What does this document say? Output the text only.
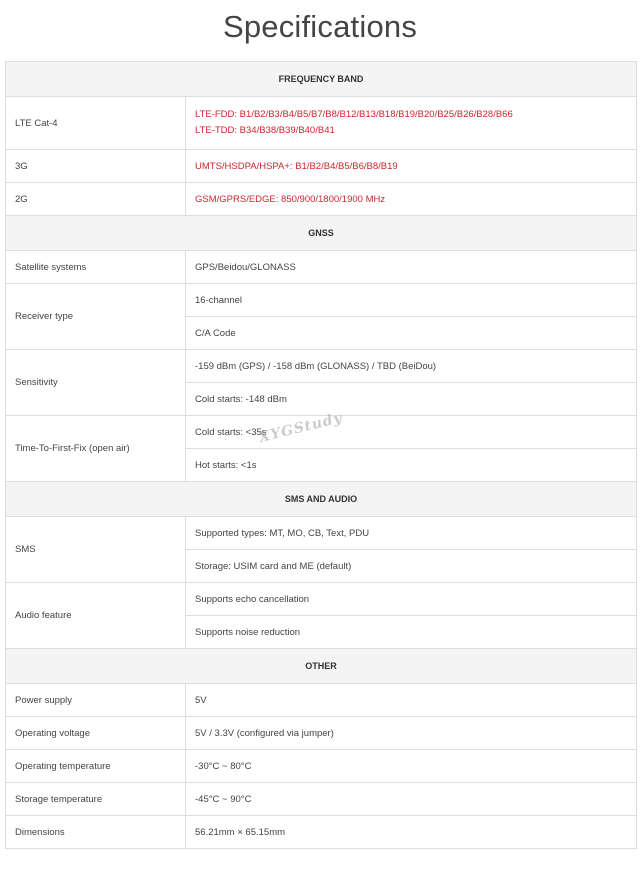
Specifications
FREQUENCY BAND	
LTE Cat-4	LTE-FDD: B1/B2/B3/B4/B5/B7/B8/B12/B13/B18/B19/B20/B25/B26/B28/B66
LTE-TDD: B34/B38/B39/B40/B41

3G	UMTS/HSDPA/HSPA+: B1/B2/B4/B5/B6/B8/B19
2G	GSM/GPRS/EDGE: 850/900/1800/1900 MHz
GNSS	
Satellite systems	GPS/Beidou/GLONASS
Receiver type	16-channel
	C/A Code
Sensitivity	-159 dBm (GPS) / -158 dBm (GLONASS) / TBD (BeiDou)
	Cold starts: -148 dBm
Time-To-First-Fix (open air)	Cold starts: <35s
	Hot starts: <1s
SMS AND AUDIO	
SMS	Supported types: MT, MO, CB, Text, PDU
	Storage: USIM card and ME (default)
Audio feature	Supports echo cancellation
	Supports noise reduction
OTHER	
Power supply	5V
Operating voltage	5V / 3.3V (configured via jumper)
Operating temperature	-30°C ~ 80°C
Storage temperature	-45°C ~ 90°C
Dimensions	56.21mm × 65.15mm
XYGStudy
